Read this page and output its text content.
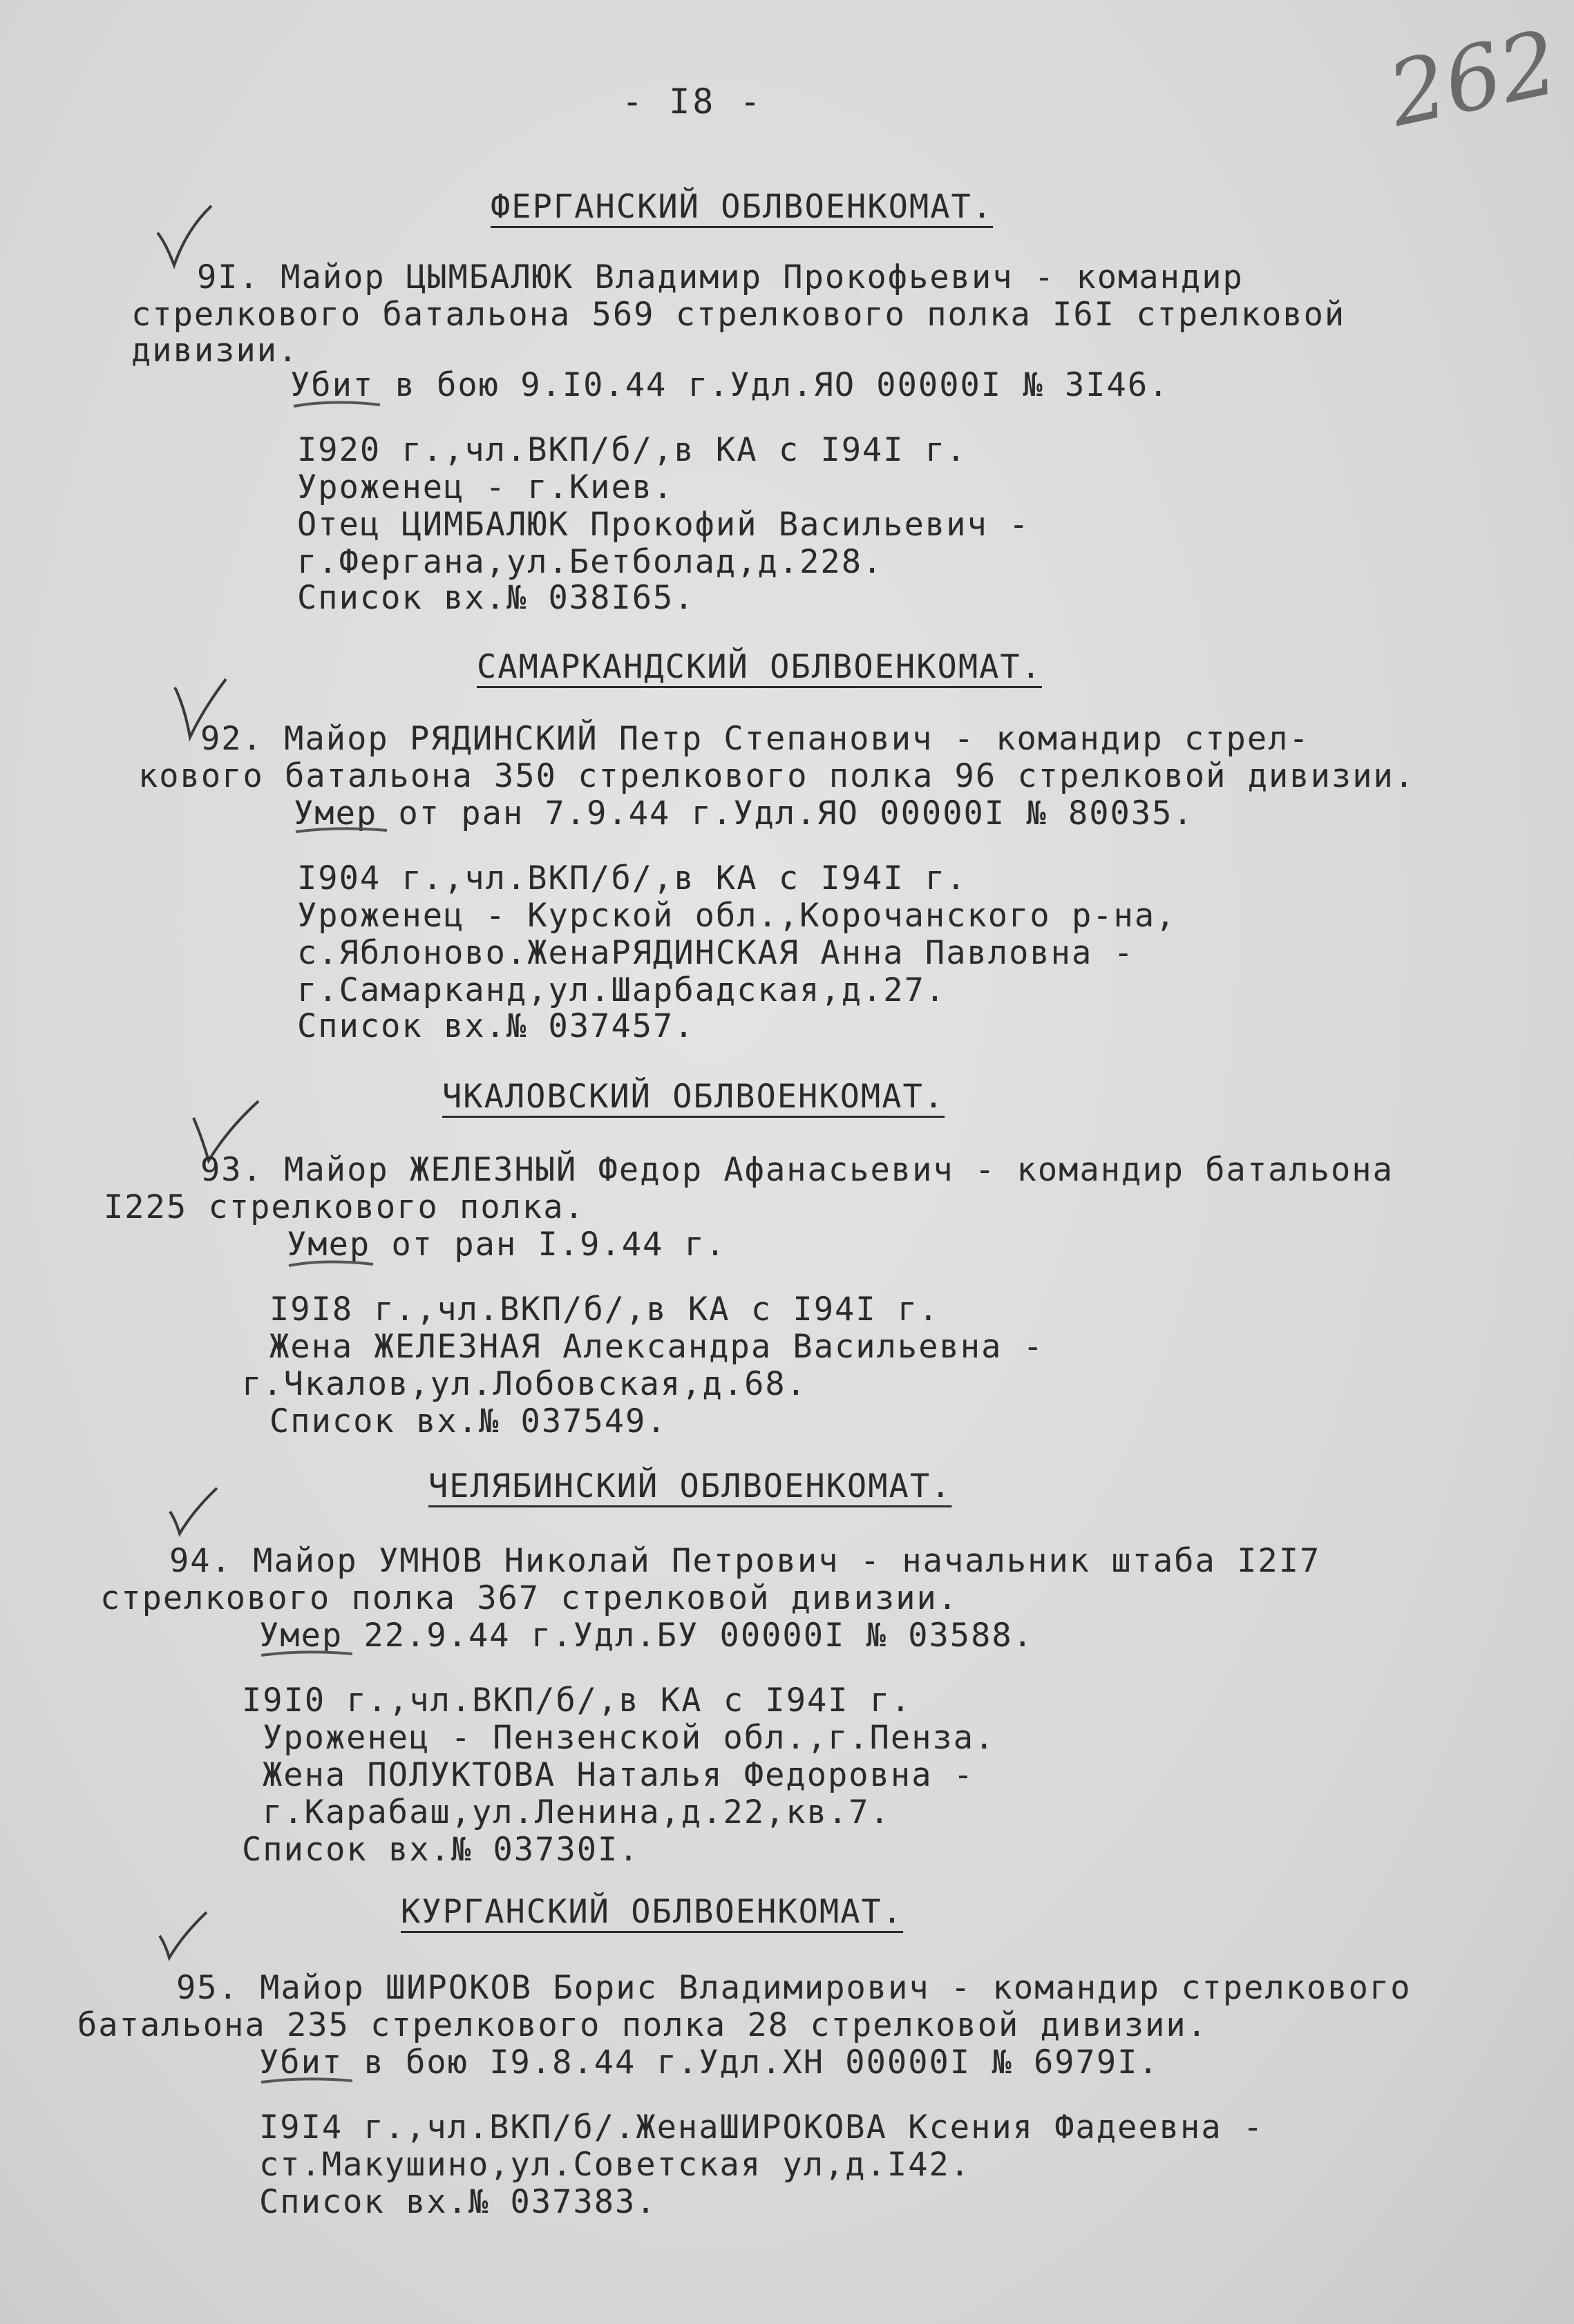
262
- I8 -
ФЕРГАНСКИЙ ОБЛВОЕНКОМАТ.
9I. Майор ЦЫМБАЛЮК Владимир Прокофьевич - командир
стрелкового батальона 569 стрелкового полка I6I стрелковой
дивизии.
Убит в бою 9.I0.44 г.Удл.ЯО 00000I № 3I46.
I920 г.,чл.ВКП/б/,в КА с I94I г.
Уроженец - г.Киев.
Отец ЦИМБАЛЮК Прокофий Васильевич -
г.Фергана,ул.Бетболад,д.228.
Список вх.№ 038I65.
САМАРКАНДСКИЙ ОБЛВОЕНКОМАТ.
92. Майор РЯДИНСКИЙ Петр Степанович - командир стрел-
кового батальона 350 стрелкового полка 96 стрелковой дивизии.
Умер от ран 7.9.44 г.Удл.ЯО 00000I № 80035.
I904 г.,чл.ВКП/б/,в КА с I94I г.
Уроженец - Курской обл.,Корочанского р-на,
с.Яблоново.ЖенаРЯДИНСКАЯ Анна Павловна -
г.Самарканд,ул.Шарбадская,д.27.
Список вх.№ 037457.
ЧКАЛОВСКИЙ ОБЛВОЕНКОМАТ.
93. Майор ЖЕЛЕЗНЫЙ Федор Афанасьевич - командир батальона
I225 стрелкового полка.
Умер от ран I.9.44 г.
I9I8 г.,чл.ВКП/б/,в КА с I94I г.
Жена ЖЕЛЕЗНАЯ Александра Васильевна -
г.Чкалов,ул.Лобовская,д.68.
Список вх.№ 037549.
ЧЕЛЯБИНСКИЙ ОБЛВОЕНКОМАТ.
94. Майор УМНОВ Николай Петрович - начальник штаба I2I7
стрелкового полка 367 стрелковой дивизии.
Умер 22.9.44 г.Удл.БУ 00000I № 03588.
I9I0 г.,чл.ВКП/б/,в КА с I94I г.
Уроженец - Пензенской обл.,г.Пенза.
Жена ПОЛУКТОВА Наталья Федоровна -
г.Карабаш,ул.Ленина,д.22,кв.7.
Список вх.№ 03730I.
КУРГАНСКИЙ ОБЛВОЕНКОМАТ.
95. Майор ШИРОКОВ Борис Владимирович - командир стрелкового
батальона 235 стрелкового полка 28 стрелковой дивизии.
Убит в бою I9.8.44 г.Удл.ХН 00000I № 6979I.
I9I4 г.,чл.ВКП/б/.ЖенаШИРОКОВА Ксения Фадеевна -
ст.Макушино,ул.Советская ул,д.I42.
Список вх.№ 037383.
